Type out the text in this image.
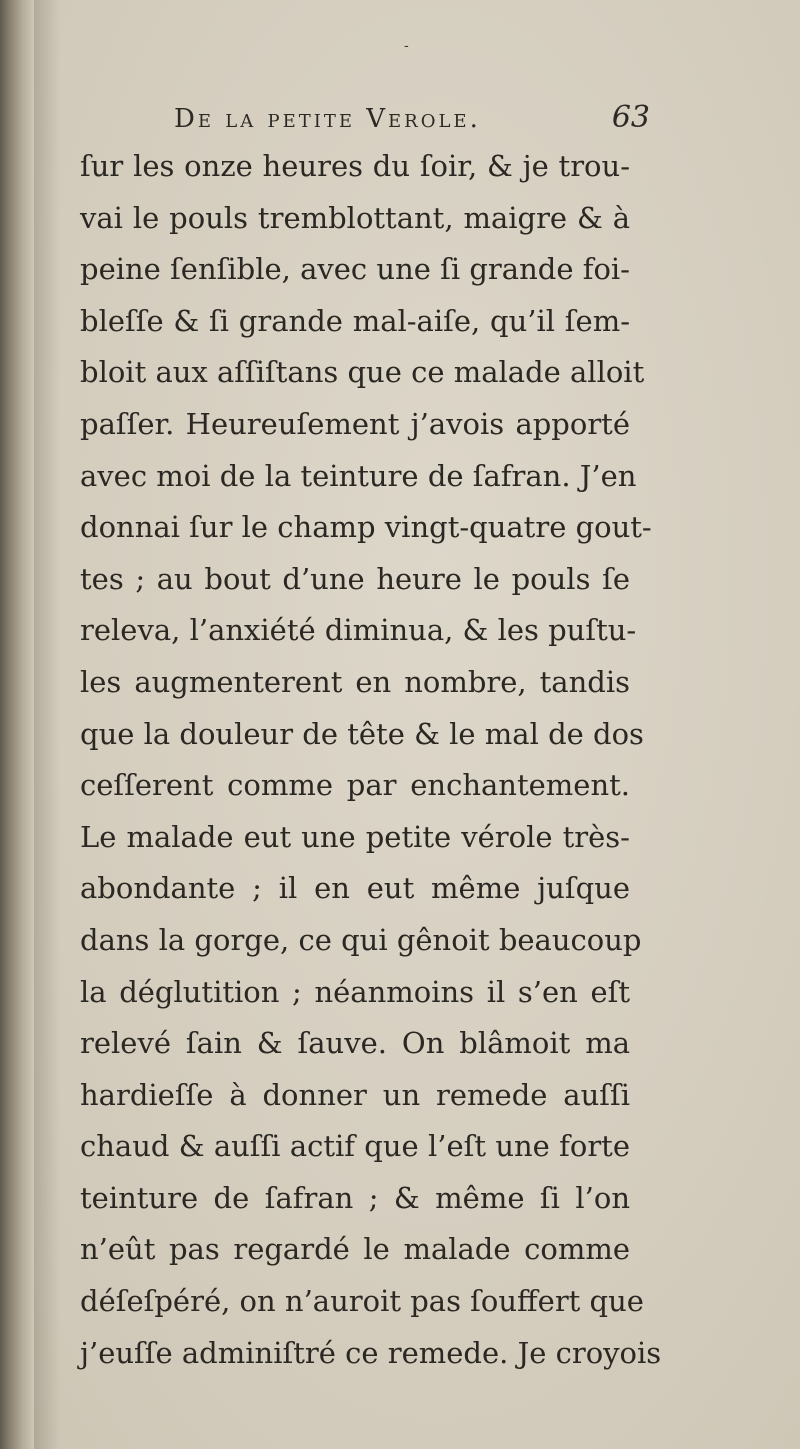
-
De la petite Verole.	63
ſur les onze heures du ſoir, & je trou-
vai le pouls tremblottant, maigre & à
peine ſenſible, avec une ſi grande foi-
bleſſe & ſi grande mal-aiſe, qu’il ſem-
bloit aux aſſiſtans que ce malade alloit
paſſer. Heureuſement j’avois apporté
avec moi de la teinture de ſafran. J’en
donnai ſur le champ vingt-quatre gout-
tes ; au bout d’une heure le pouls ſe
releva, l’anxiété diminua, & les puſtu-
les augmenterent en nombre, tandis
que la douleur de tête & le mal de dos
ceſſerent comme par enchantement.
Le malade eut une petite vérole très-
abondante ; il en eut même juſque
dans la gorge, ce qui gênoit beaucoup
la déglutition ; néanmoins il s’en eſt
relevé ſain & ſauve. On blâmoit ma
hardieſſe à donner un remede auſſi
chaud & auſſi actif que l’eſt une forte
teinture de ſafran ; & même ſi l’on
n’eût pas regardé le malade comme
déſeſpéré, on n’auroit pas ſouffert que
j’euſſe adminiſtré ce remede. Je croyois
